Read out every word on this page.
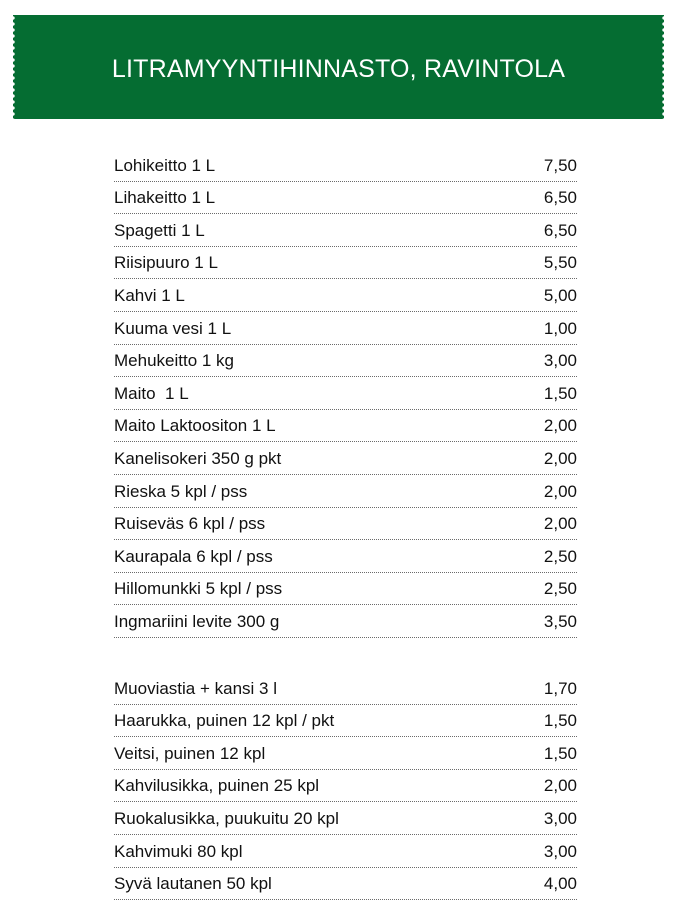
LITRAMYYNTIHINNASTO, RAVINTOLA
Lohikeitto 1 L	7,50
Lihakeitto 1 L	6,50
Spagetti 1 L	6,50
Riisipuuro 1 L	5,50
Kahvi 1 L	5,00
Kuuma vesi 1 L	1,00
Mehukeitto 1 kg	3,00
Maito  1 L	1,50
Maito Laktoositon 1 L	2,00
Kanelisokeri 350 g pkt	2,00
Rieska 5 kpl / pss	2,00
Ruiseväs 6 kpl / pss	2,00
Kaurapala 6 kpl / pss	2,50
Hillomunkki 5 kpl / pss	2,50
Ingmariini levite 300 g	3,50
Muoviastia + kansi 3 l	1,70
Haarukka, puinen 12 kpl / pkt	1,50
Veitsi, puinen 12 kpl	1,50
Kahvilusikka, puinen 25 kpl	2,00
Ruokalusikka, puukuitu 20 kpl	3,00
Kahvimuki 80 kpl	3,00
Syvä lautanen 50 kpl	4,00
